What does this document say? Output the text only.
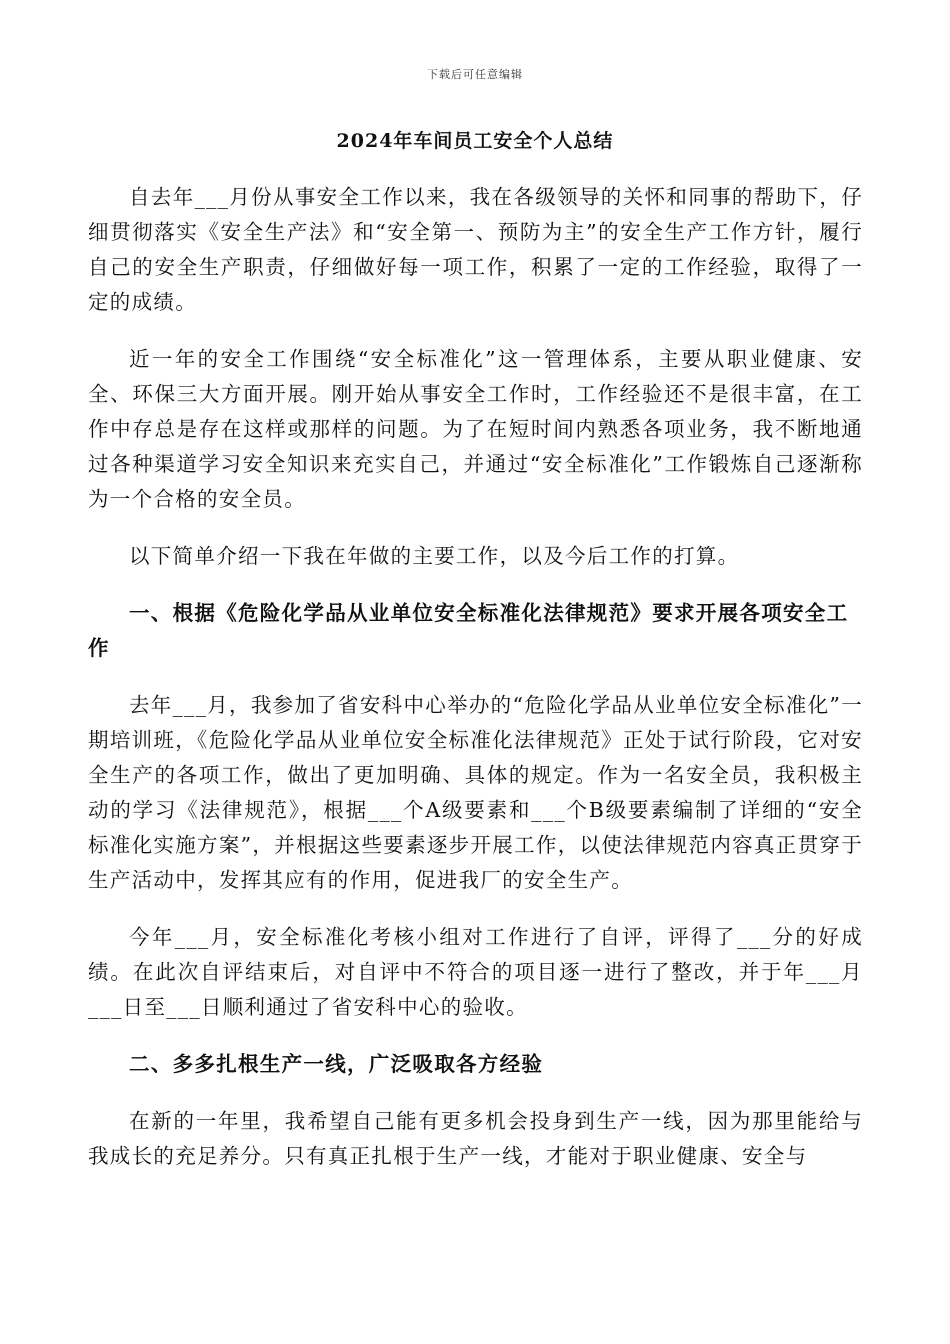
下载后可任意编辑
2024年车间员工安全个人总结

自去年___月份从事安全工作以来，我在各级领导的关怀和同事的帮助下，仔细贯彻落实《安全生产法》和“安全第一、预防为主”的安全生产工作方针，履行自己的安全生产职责，仔细做好每一项工作，积累了一定的工作经验，取得了一定的成绩。

近一年的安全工作围绕“安全标准化”这一管理体系，主要从职业健康、安全、环保三大方面开展。刚开始从事安全工作时，工作经验还不是很丰富，在工作中存总是存在这样或那样的问题。为了在短时间内熟悉各项业务，我不断地通过各种渠道学习安全知识来充实自己，并通过“安全标准化”工作锻炼自己逐渐称为一个合格的安全员。

以下简单介绍一下我在年做的主要工作，以及今后工作的打算。

一、根据《危险化学品从业单位安全标准化法律规范》要求开展各项安全工作

去年___月，我参加了省安科中心举办的“危险化学品从业单位安全标准化”一期培训班，《危险化学品从业单位安全标准化法律规范》正处于试行阶段，它对安全生产的各项工作，做出了更加明确、具体的规定。作为一名安全员，我积极主动的学习《法律规范》，根据___个A级要素和___个B级要素编制了详细的“安全标准化实施方案”，并根据这些要素逐步开展工作，以使法律规范内容真正贯穿于生产活动中，发挥其应有的作用，促进我厂的安全生产。

今年___月，安全标准化考核小组对工作进行了自评，评得了___分的好成绩。在此次自评结束后，对自评中不符合的项目逐一进行了整改，并于年___月___日至___日顺利通过了省安科中心的验收。

二、多多扎根生产一线，广泛吸取各方经验

在新的一年里，我希望自己能有更多机会投身到生产一线，因为那里能给与我成长的充足养分。只有真正扎根于生产一线，才能对于职业健康、安全与
